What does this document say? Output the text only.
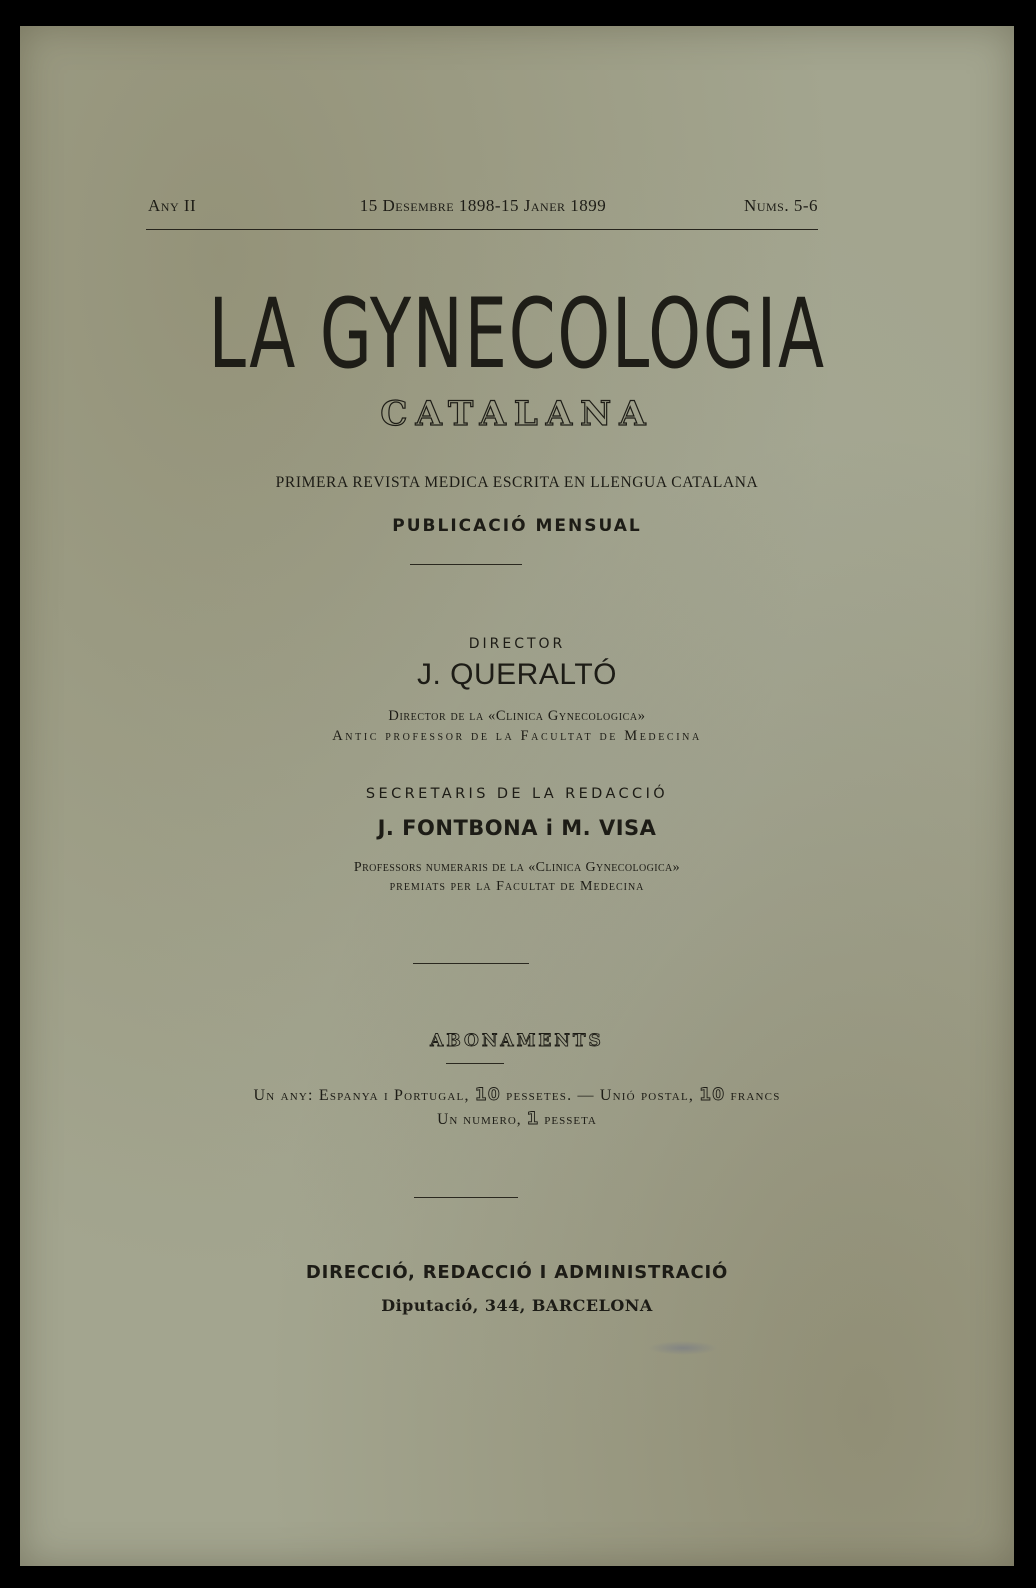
Any II	15 Desembre 1898-15 Janer 1899	Nums. 5-6
LA GYNECOLOGIA
CATALANA
PRIMERA REVISTA MEDICA ESCRITA EN LLENGUA CATALANA
PUBLICACIÓ MENSUAL
DIRECTOR
J. QUERALTÓ
Director de la «Clinica Gynecologica»
Antic professor de la Facultat de Medecina
SECRETARIS DE LA REDACCIÓ
J. FONTBONA i M. VISA
Professors numeraris de la «Clinica Gynecologica»
premiats per la Facultat de Medecina
ABONAMENTS
Un any: Espanya i Portugal, 10 pessetes. — Unió postal, 10 francs
Un numero, 1 pesseta
DIRECCIÓ, REDACCIÓ I ADMINISTRACIÓ
Diputació, 344, BARCELONA
